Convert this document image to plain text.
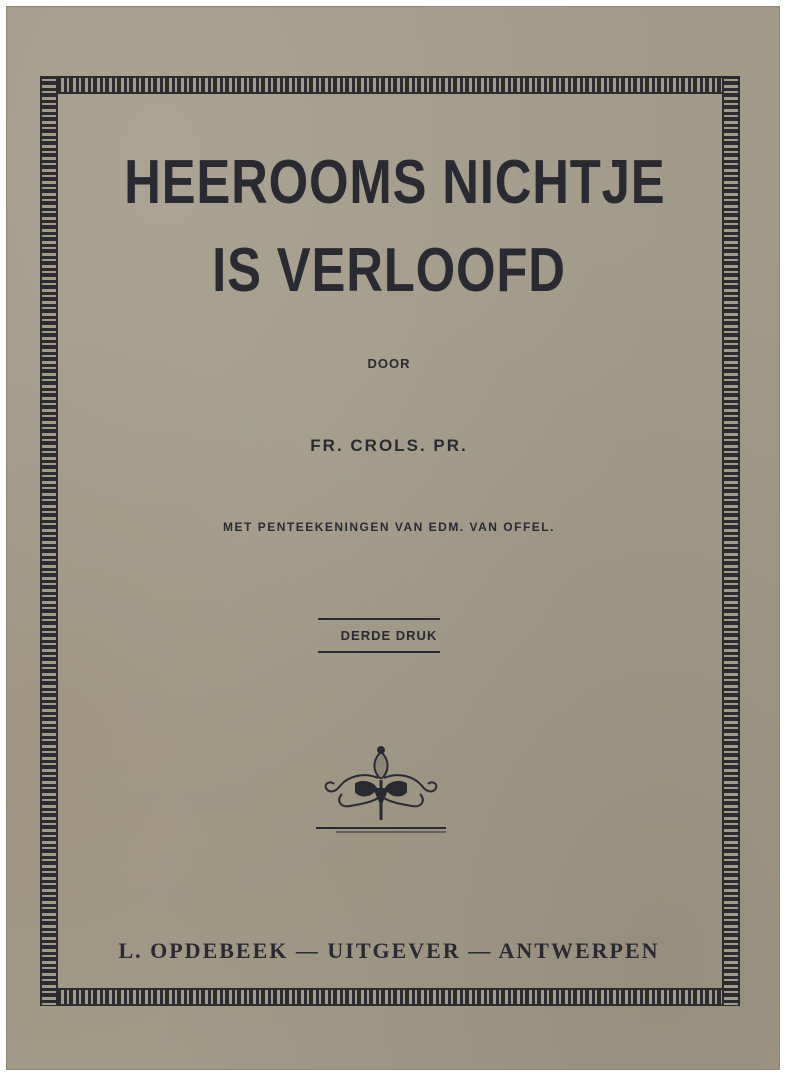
HEEROOMS NICHTJE
IS VERLOOFD
DOOR
FR. CROLS. PR.
MET PENTEEKENINGEN VAN EDM. VAN OFFEL.
DERDE DRUK
L. OPDEBEEK — UITGEVER — ANTWERPEN
